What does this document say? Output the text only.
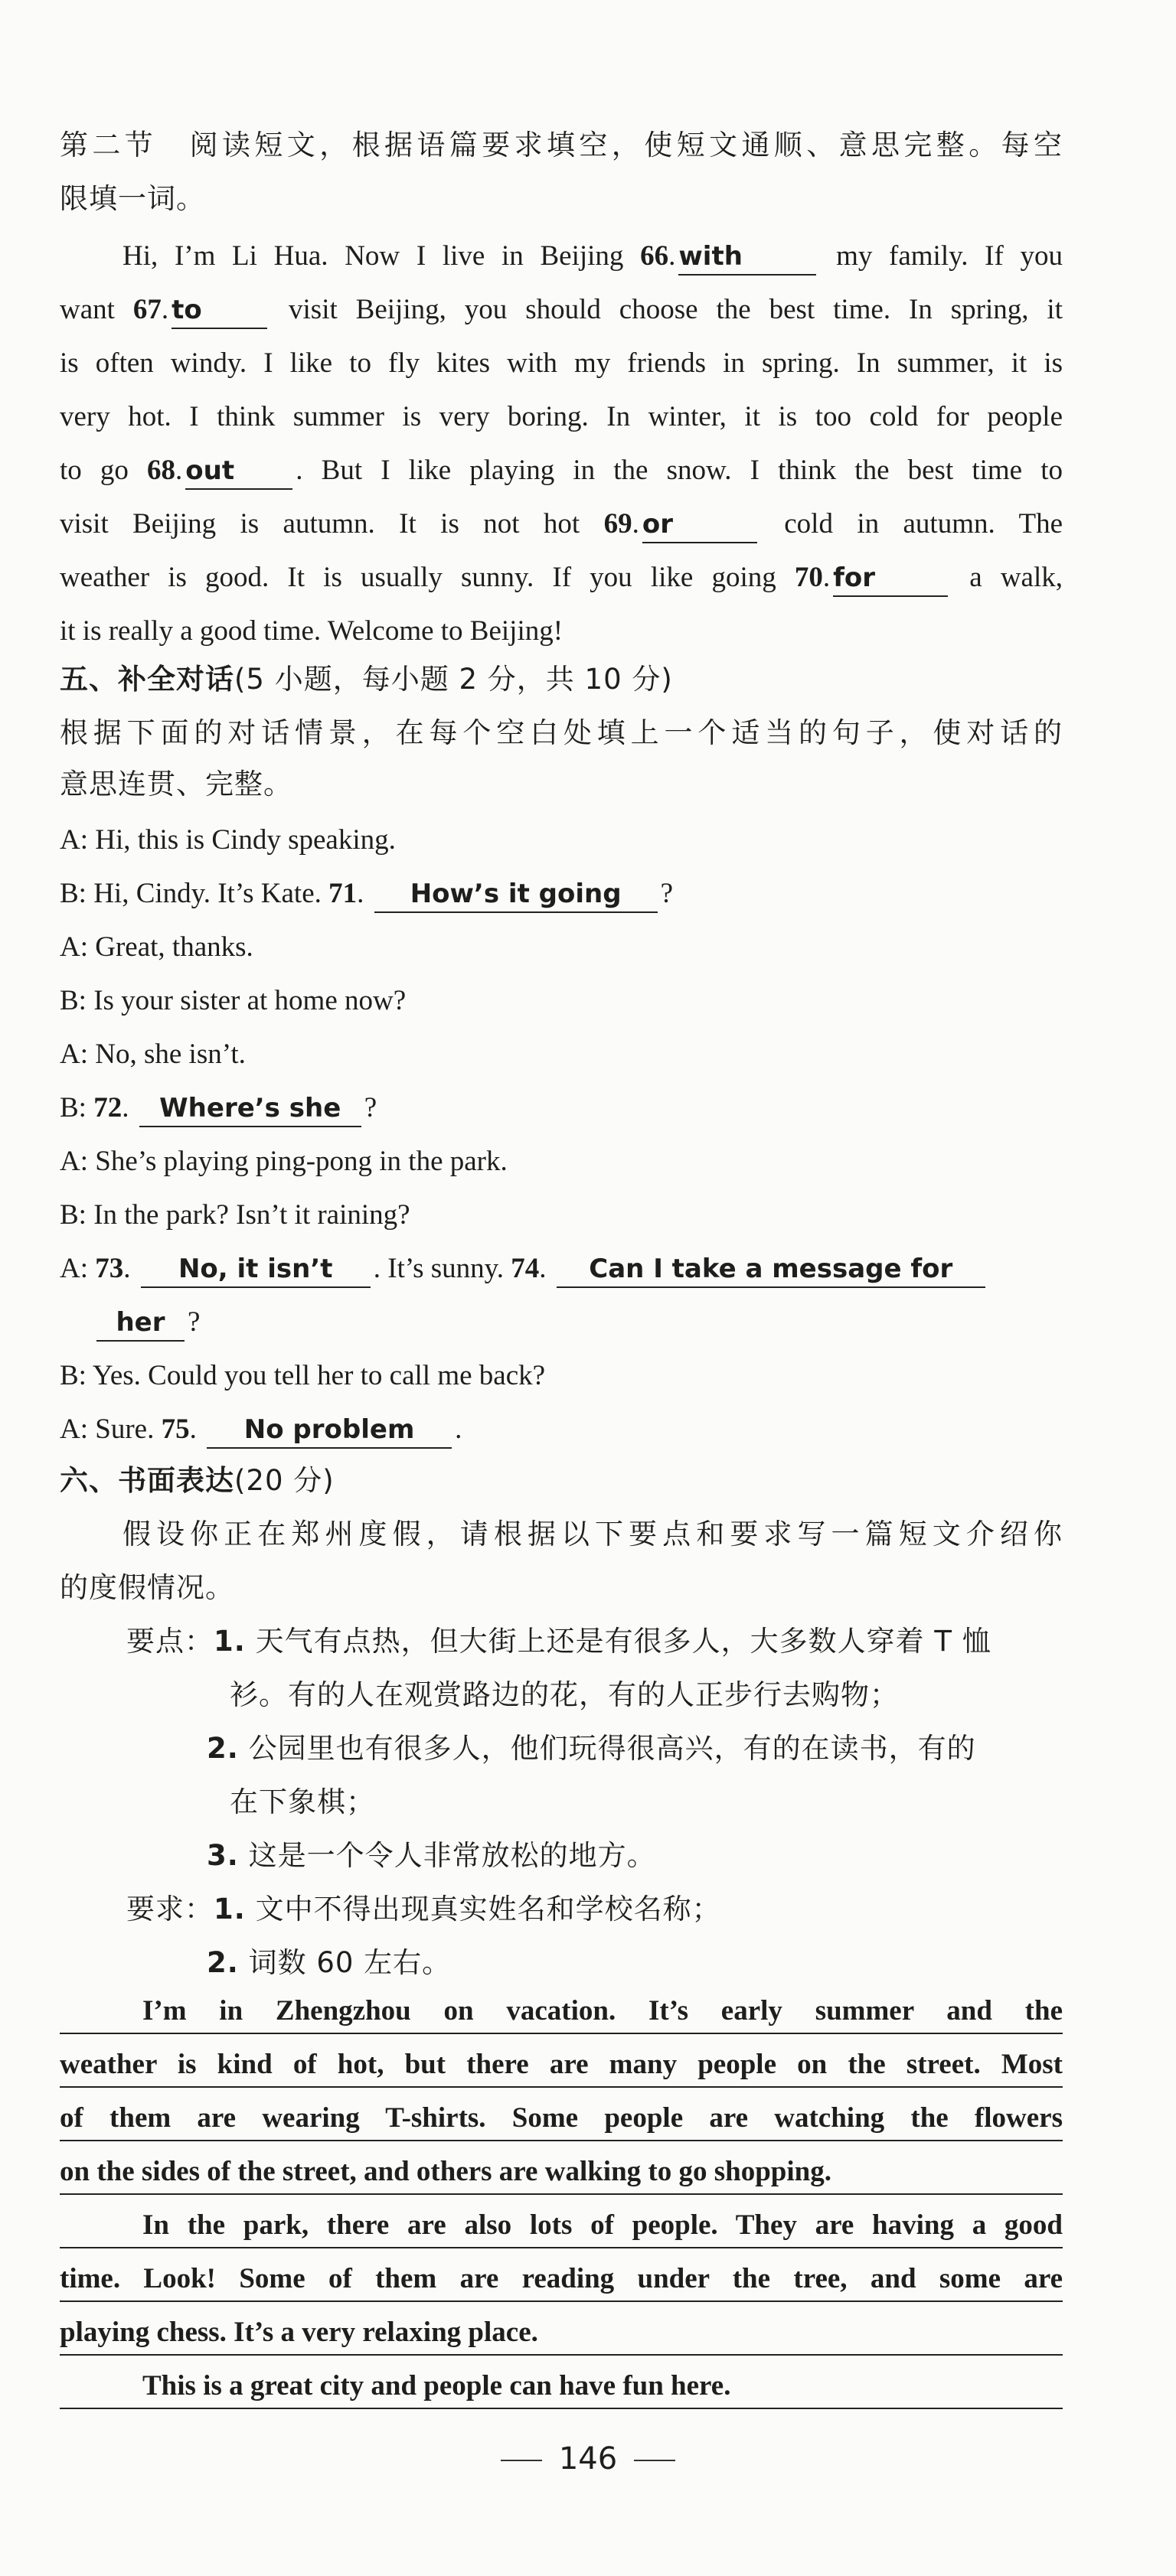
第二节　阅读短文，根据语篇要求填空，使短文通顺、意思完整。每空
限填一词。
Hi, I’m Li Hua. Now I live in Beijing 66. with	my family. If you
want 67. to visit Beijing, you should choose the best time. In spring, it
is often windy. I like to fly kites with my friends in spring. In summer, it is
very hot. I think summer is very boring. In winter, it is too cold for people
to go 68. out . But I like playing in the snow. I think the best time to
visit Beijing is autumn. It is not hot 69. or	cold in autumn. The
weather is good. It is usually sunny. If you like going 70. for	a walk,
it is really a good time. Welcome to Beijing!
五、补全对话(5 小题，每小题 2 分，共 10 分)
根据下面的对话情景，在每个空白处填上一个适当的句子，使对话的
意思连贯、完整。
A: Hi, this is Cindy speaking.
B: Hi, Cindy. It’s Kate. 71. How’s it going ?
A: Great, thanks.
B: Is your sister at home now?
A: No, she isn’t.
B: 72. Where’s she ?
A: She’s playing ping-pong in the park.
B: In the park? Isn’t it raining?
A: 73. No, it isn’t . It’s sunny. 74. Can I take a message for
her ?
B: Yes. Could you tell her to call me back?
A: Sure. 75. No problem .
六、书面表达(20 分)
假设你正在郑州度假，请根据以下要点和要求写一篇短文介绍你
的度假情况。
要点：1. 天气有点热，但大街上还是有很多人，大多数人穿着 T 恤
衫。有的人在观赏路边的花，有的人正步行去购物；
2. 公园里也有很多人，他们玩得很高兴，有的在读书，有的
在下象棋；
3. 这是一个令人非常放松的地方。
要求：1. 文中不得出现真实姓名和学校名称；
2. 词数 60 左右。
I’m in Zhengzhou on vacation. It’s early summer and the
weather is kind of hot, but there are many people on the street. Most
of them are wearing T-shirts. Some people are watching the flowers
on the sides of the street, and others are walking to go shopping.
In the park, there are also lots of people. They are having a good
time. Look! Some of them are reading under the tree, and some are
playing chess. It’s a very relaxing place.
This is a great city and people can have fun here.
146
